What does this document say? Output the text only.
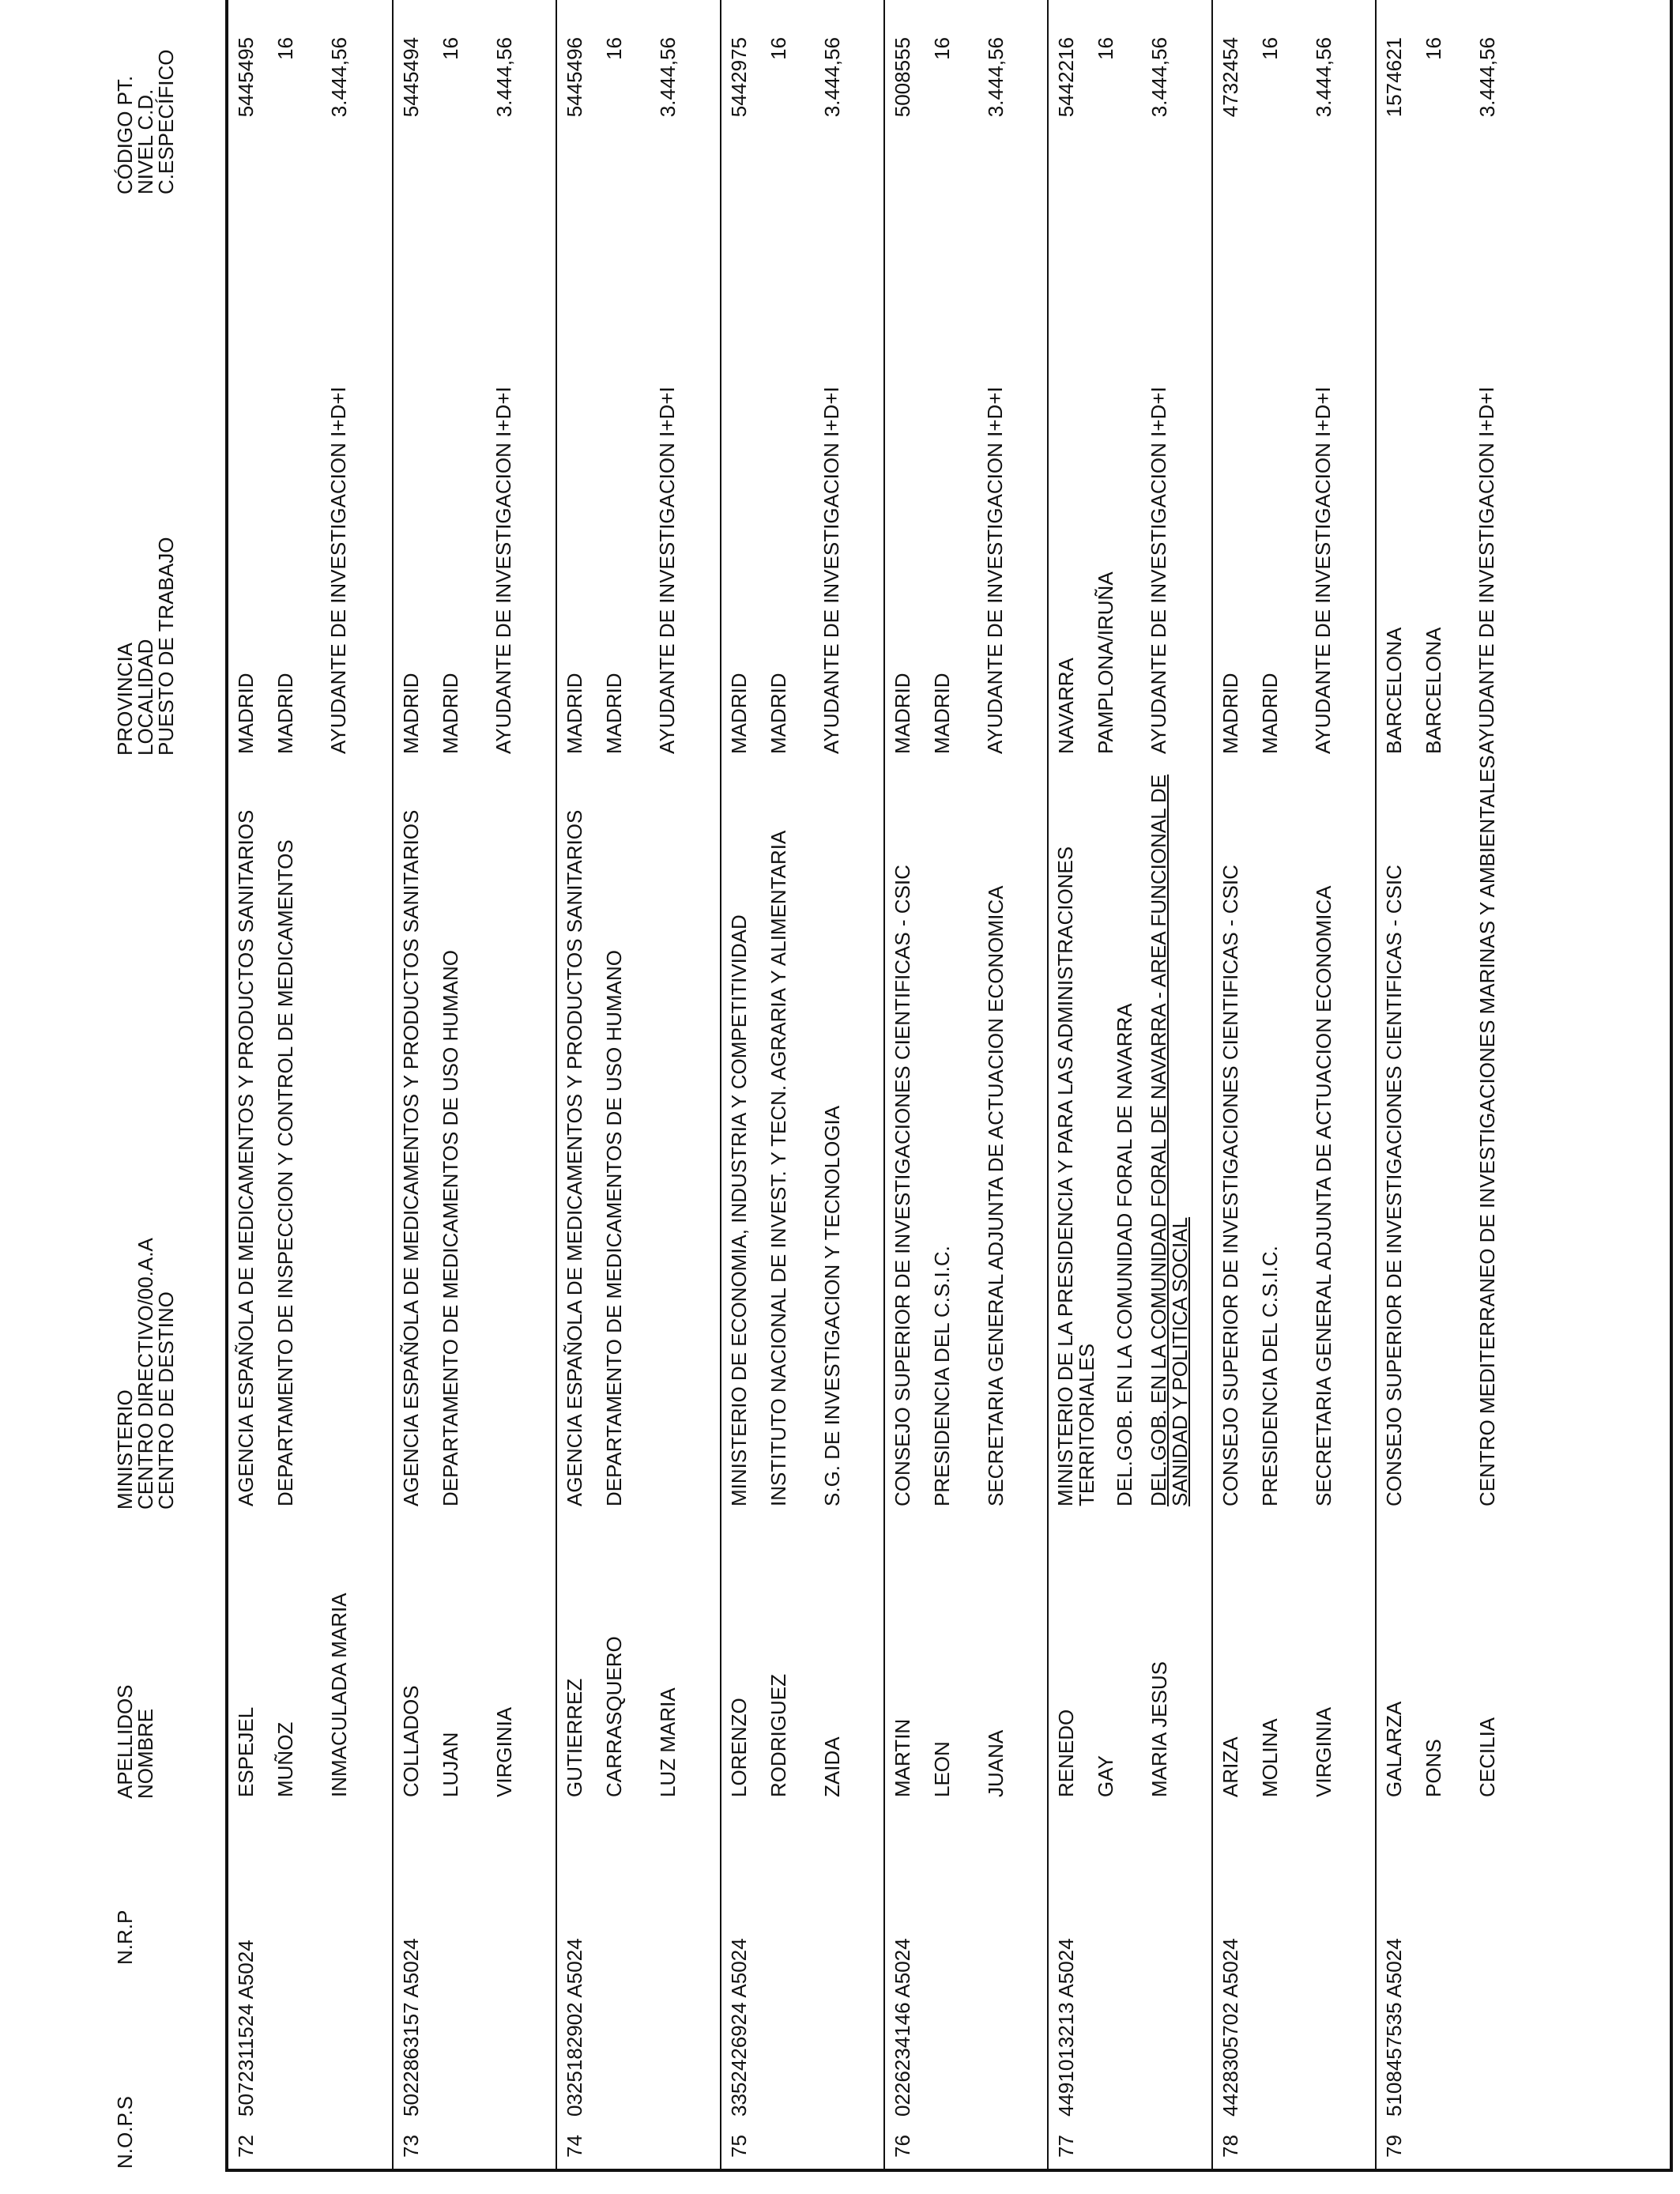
N.O.P.S
N.R.P
APELLIDOS
NOMBRE
MINISTERIO
CENTRO DIRECTIVO/00.A.A
CENTRO DE DESTINO
PROVINCIA
LOCALIDAD
PUESTO DE TRABAJO
CÓDIGO PT.
NIVEL C.D.
C.ESPECÍFICO
72
5072311524 A5024
ESPEJEL MUÑOZ INMACULADA MARIA
AGENCIA ESPAÑOLA DE MEDICAMENTOS Y PRODUCTOS SANITARIOS DEPARTAMENTO DE INSPECCION Y CONTROL DE MEDICAMENTOS
MADRID MADRID AYUDANTE DE INVESTIGACION I+D+I
5445495 16 3.444,56
73
5022863157 A5024
COLLADOS LUJAN VIRGINIA
AGENCIA ESPAÑOLA DE MEDICAMENTOS Y PRODUCTOS SANITARIOS DEPARTAMENTO DE MEDICAMENTOS DE USO HUMANO
MADRID MADRID AYUDANTE DE INVESTIGACION I+D+I
5445494 16 3.444,56
74
0325182902 A5024
GUTIERREZ CARRASQUERO LUZ MARIA
AGENCIA ESPAÑOLA DE MEDICAMENTOS Y PRODUCTOS SANITARIOS DEPARTAMENTO DE MEDICAMENTOS DE USO HUMANO
MADRID MADRID AYUDANTE DE INVESTIGACION I+D+I
5445496 16 3.444,56
75
3352426924 A5024
LORENZO RODRIGUEZ ZAIDA
MINISTERIO DE ECONOMIA, INDUSTRIA Y COMPETITIVIDAD INSTITUTO NACIONAL DE INVEST. Y TECN. AGRARIA Y ALIMENTARIA S.G. DE INVESTIGACION Y TECNOLOGIA
MADRID MADRID AYUDANTE DE INVESTIGACION I+D+I
5442975 16 3.444,56
76
0226234146 A5024
MARTIN LEON JUANA
CONSEJO SUPERIOR DE INVESTIGACIONES CIENTIFICAS - CSIC PRESIDENCIA DEL C.S.I.C. SECRETARIA GENERAL ADJUNTA DE ACTUACION ECONOMICA
MADRID MADRID AYUDANTE DE INVESTIGACION I+D+I
5008555 16 3.444,56
77
4491013213 A5024
RENEDO GAY MARIA JESUS
MINISTERIO DE LA PRESIDENCIA Y PARA LAS ADMINISTRACIONES TERRITORIALES DEL.GOB. EN LA COMUNIDAD FORAL DE NAVARRA DEL.GOB. EN LA COMUNIDAD FORAL DE NAVARRA - AREA FUNCIONAL DE SANIDAD Y POLITICA SOCIAL
NAVARRA PAMPLONA/IRUÑA AYUDANTE DE INVESTIGACION I+D+I
5442216 16 3.444,56
78
4428305702 A5024
ARIZA MOLINA VIRGINIA
CONSEJO SUPERIOR DE INVESTIGACIONES CIENTIFICAS - CSIC PRESIDENCIA DEL C.S.I.C. SECRETARIA GENERAL ADJUNTA DE ACTUACION ECONOMICA
MADRID MADRID AYUDANTE DE INVESTIGACION I+D+I
4732454 16 3.444,56
79
5108457535 A5024
GALARZA PONS CECILIA
CONSEJO SUPERIOR DE INVESTIGACIONES CIENTIFICAS - CSIC	CENTRO MEDITERRANEO DE INVESTIGACIONES MARINAS Y AMBIENTALES
BARCELONA BARCELONA AYUDANTE DE INVESTIGACION I+D+I
1574621 16 3.444,56
